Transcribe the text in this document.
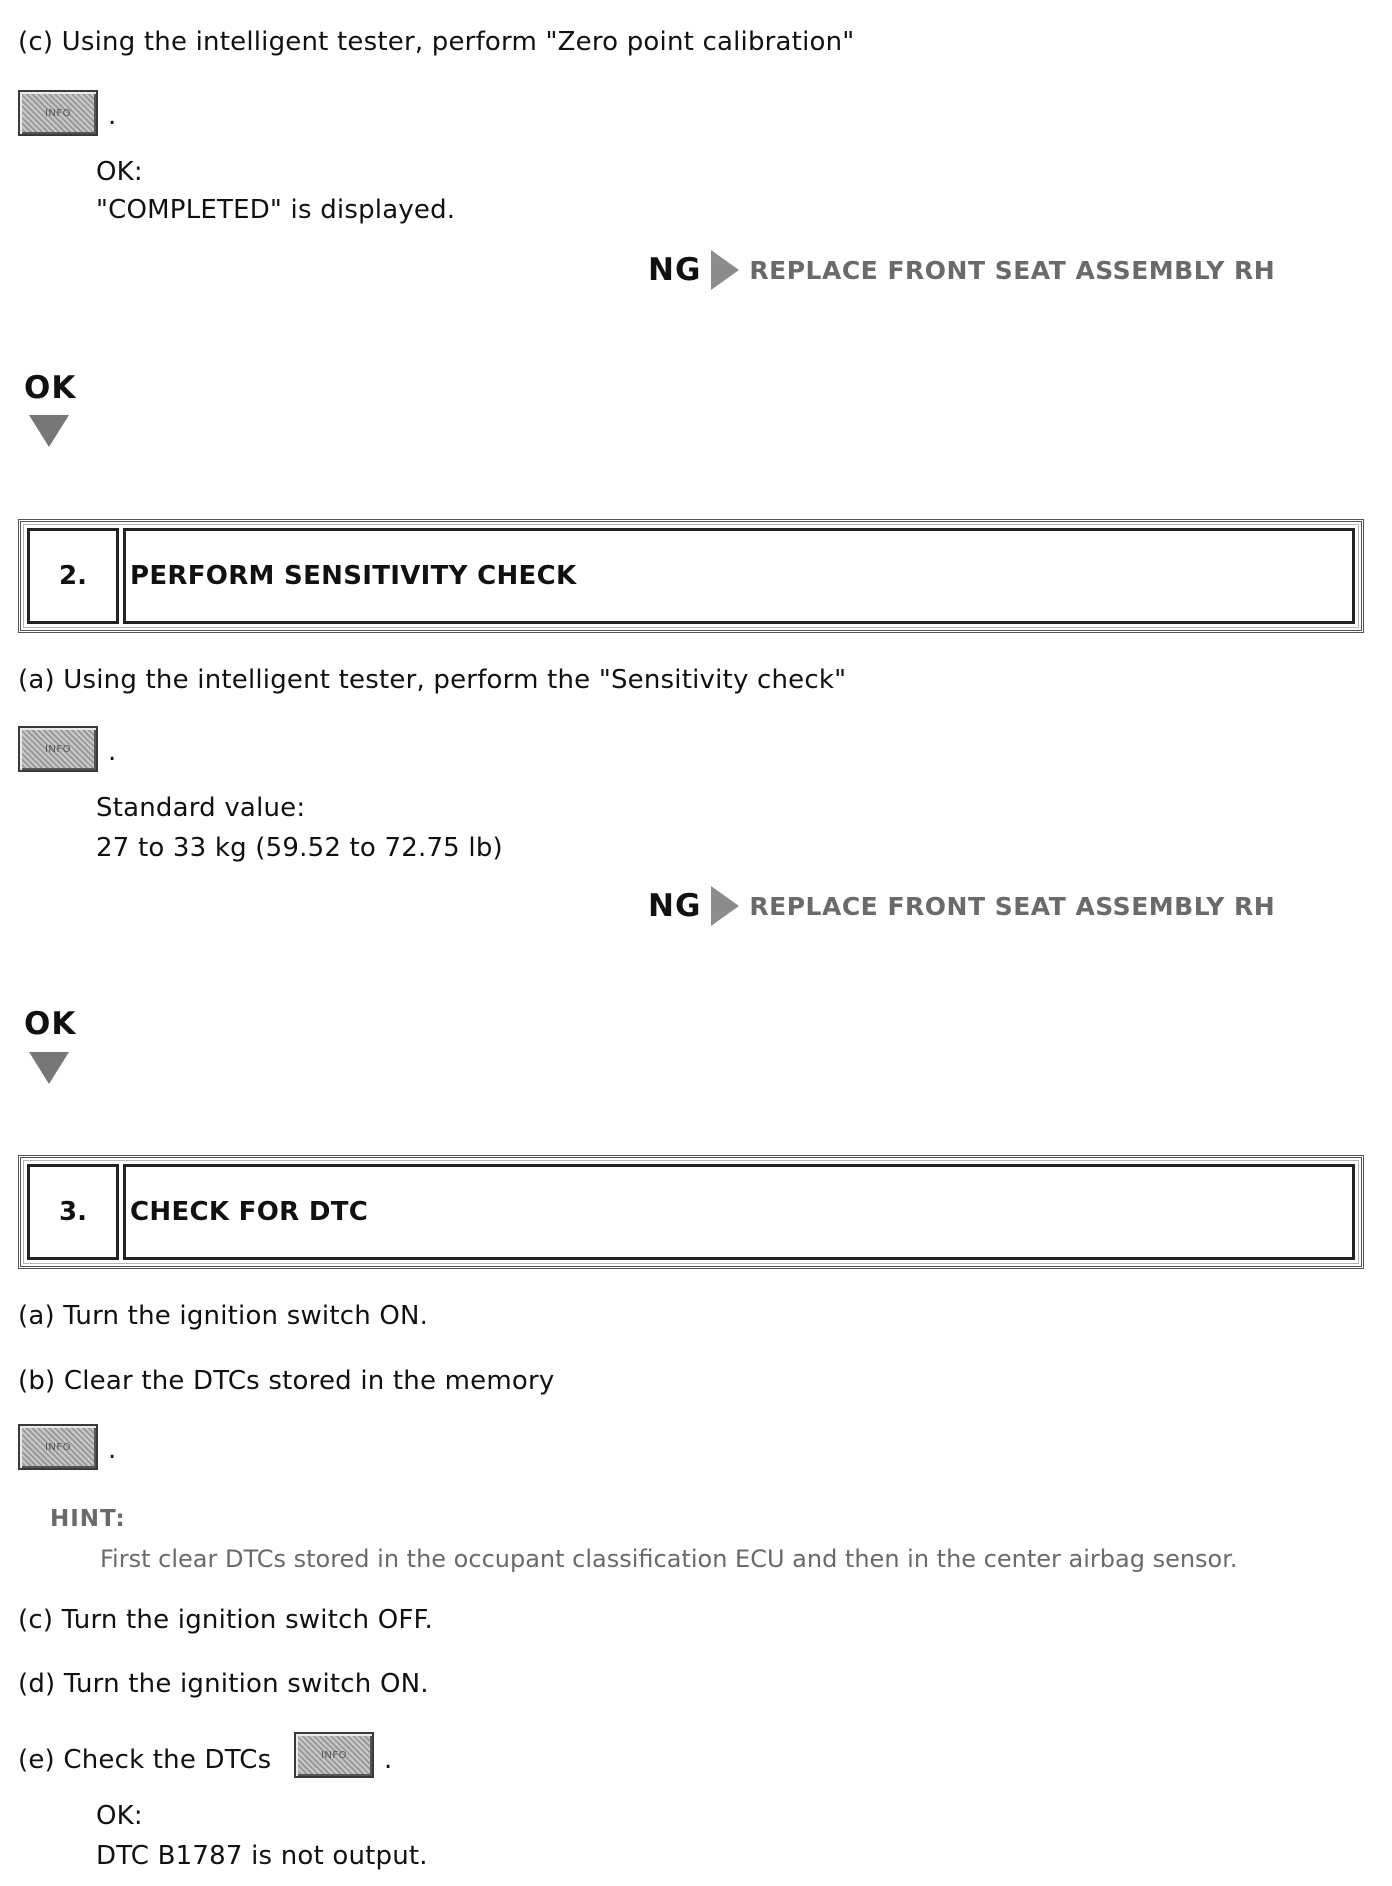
(c) Using the intelligent tester, perform "Zero point calibration"
INFO .
OK:
"COMPLETED" is displayed.
NG REPLACE FRONT SEAT ASSEMBLY RH
OK
2.	PERFORM SENSITIVITY CHECK
(a) Using the intelligent tester, perform the "Sensitivity check"
INFO .
Standard value:
27 to 33 kg (59.52 to 72.75 lb)
NG REPLACE FRONT SEAT ASSEMBLY RH
OK
3.	CHECK FOR DTC
(a) Turn the ignition switch ON.
(b) Clear the DTCs stored in the memory
INFO .
HINT:
First clear DTCs stored in the occupant classification ECU and then in the center airbag sensor.
(c) Turn the ignition switch OFF.
(d) Turn the ignition switch ON.
(e) Check the DTCs	INFO .
OK:
DTC B1787 is not output.
